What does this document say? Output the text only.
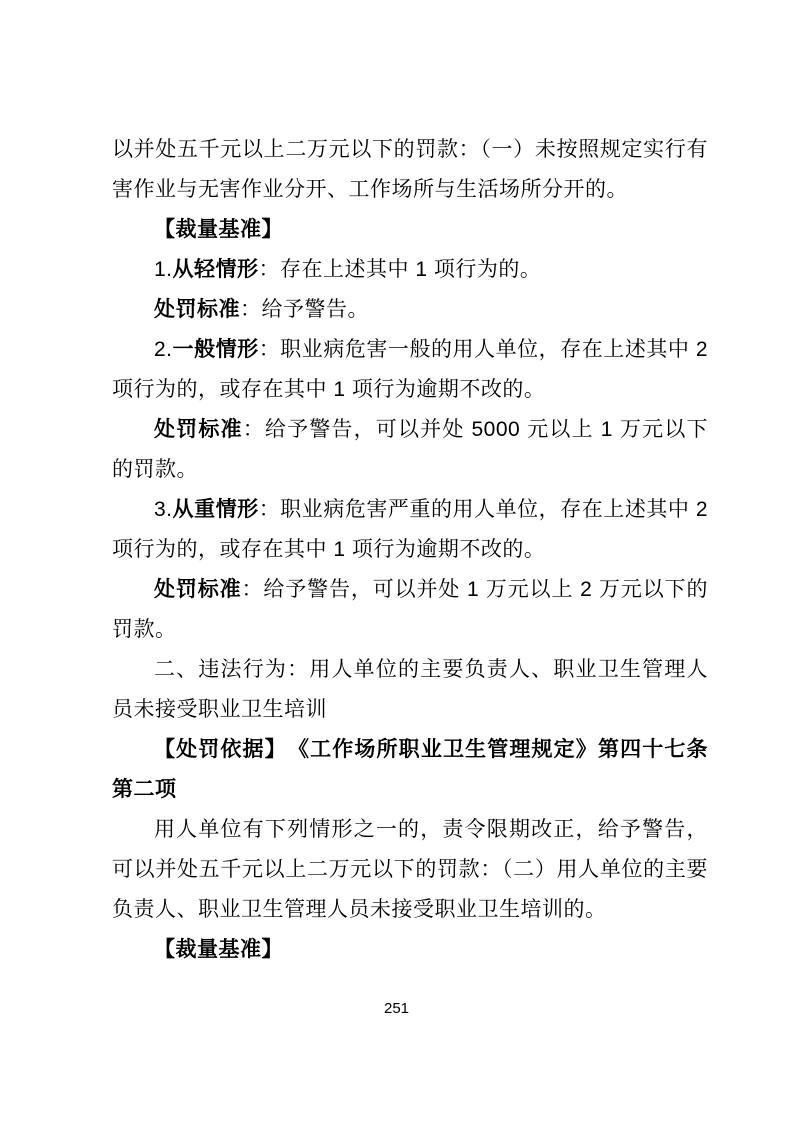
以并处五千元以上二万元以下的罚款：（一）未按照规定实行有害作业与无害作业分开、工作场所与生活场所分开的。

【裁量基准】

1.从轻情形：存在上述其中 1 项行为的。

处罚标准：给予警告。

2.一般情形：职业病危害一般的用人单位，存在上述其中 2 项行为的，或存在其中 1 项行为逾期不改的。

处罚标准：给予警告，可以并处 5000 元以上 1 万元以下的罚款。

3.从重情形：职业病危害严重的用人单位，存在上述其中 2 项行为的，或存在其中 1 项行为逾期不改的。

处罚标准：给予警告，可以并处 1 万元以上 2 万元以下的罚款。

二、违法行为：用人单位的主要负责人、职业卫生管理人员未接受职业卫生培训

【处罚依据】　《工作场所职业卫生管理规定》第四十七条第二项

用人单位有下列情形之一的，责令限期改正，给予警告，可以并处五千元以上二万元以下的罚款：（二）用人单位的主要负责人、职业卫生管理人员未接受职业卫生培训的。

【裁量基准】

251
